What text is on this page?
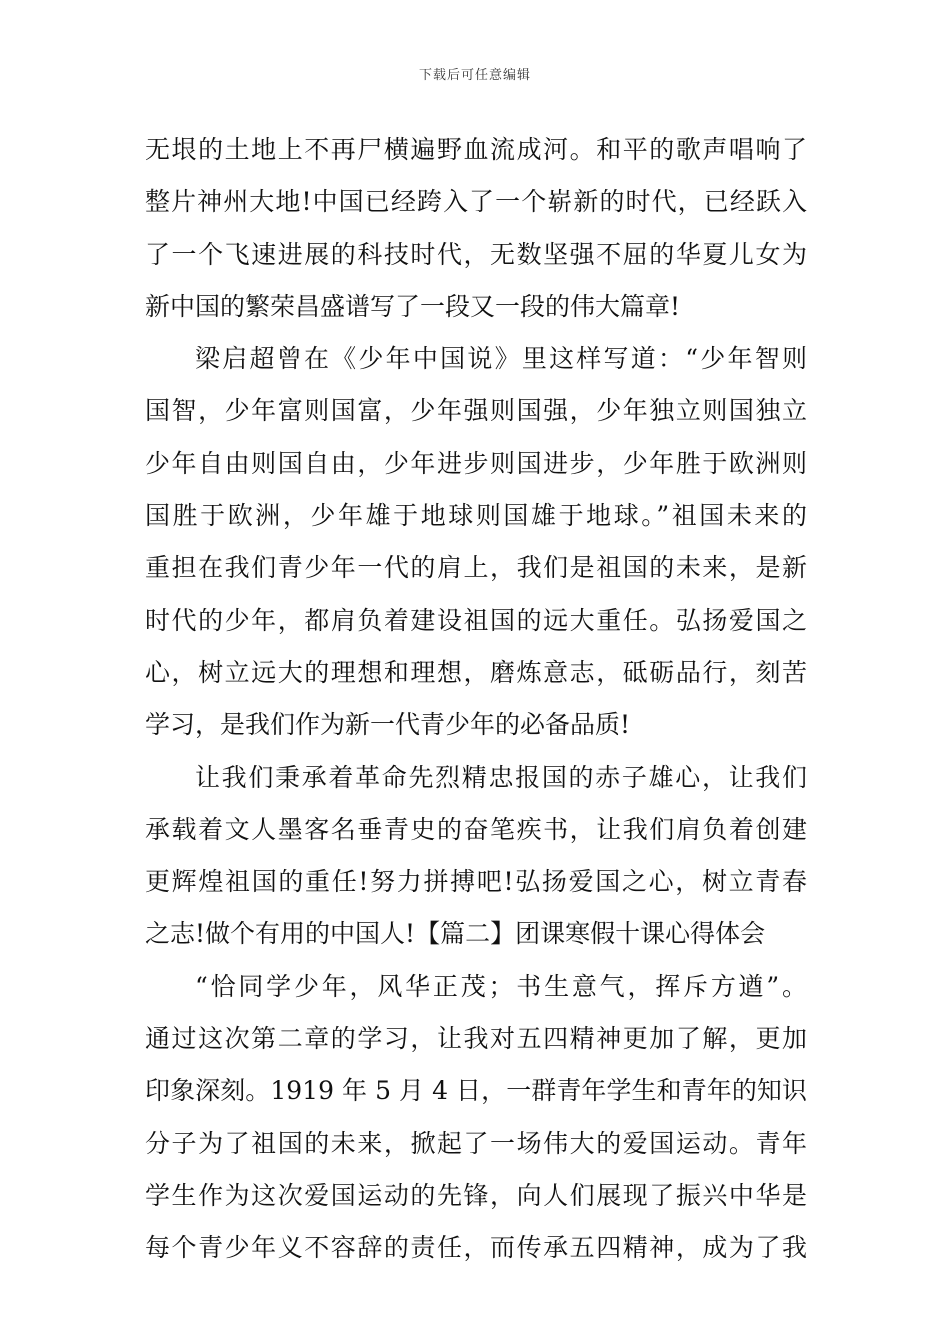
下载后可任意编辑
无垠的土地上不再尸横遍野血流成河。和平的歌声唱响了
整片神州大地!中国已经跨入了一个崭新的时代，已经跃入
了一个飞速进展的科技时代，无数坚强不屈的华夏儿女为
新中国的繁荣昌盛谱写了一段又一段的伟大篇章!
梁启超曾在《少年中国说》里这样写道：“少年智则
国智，少年富则国富，少年强则国强，少年独立则国独立
少年自由则国自由，少年进步则国进步，少年胜于欧洲则
国胜于欧洲，少年雄于地球则国雄于地球。”祖国未来的
重担在我们青少年一代的肩上，我们是祖国的未来，是新
时代的少年，都肩负着建设祖国的远大重任。弘扬爱国之
心，树立远大的理想和理想，磨炼意志，砥砺品行，刻苦
学习，是我们作为新一代青少年的必备品质!
让我们秉承着革命先烈精忠报国的赤子雄心，让我们
承载着文人墨客名垂青史的奋笔疾书，让我们肩负着创建
更辉煌祖国的重任!努力拼搏吧!弘扬爱国之心，树立青春
之志!做个有用的中国人!【篇二】团课寒假十课心得体会
“恰同学少年，风华正茂；书生意气，挥斥方遒”。
通过这次第二章的学习，让我对五四精神更加了解，更加
印象深刻。1919 年 5 月 4 日，一群青年学生和青年的知识
分子为了祖国的未来，掀起了一场伟大的爱国运动。青年
学生作为这次爱国运动的先锋，向人们展现了振兴中华是
每个青少年义不容辞的责任，而传承五四精神，成为了我
